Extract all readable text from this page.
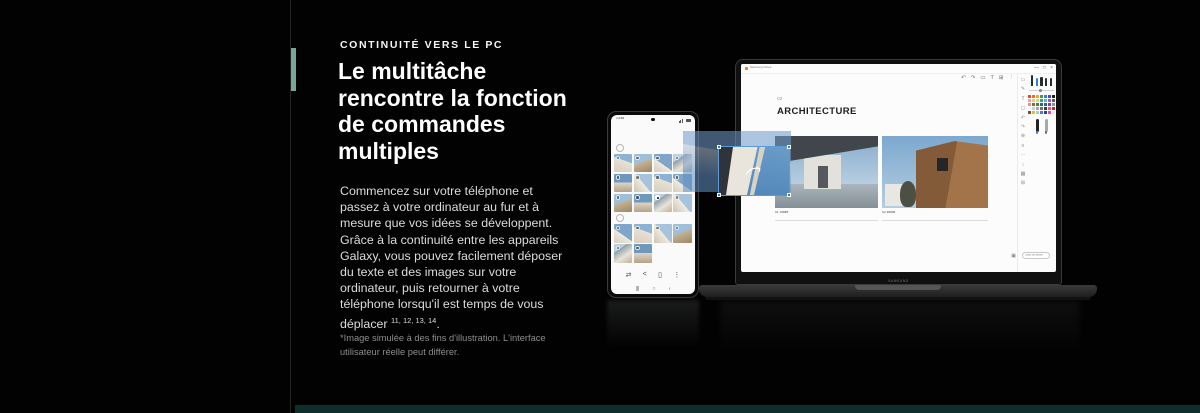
CONTINUITÉ VERS LE PC
Le multitâche
rencontre la fonction
de commandes
multiples
Commencez sur votre téléphone et passez à votre ordinateur au fur et à mesure que vos idées se développent. Grâce à la continuité entre les appareils Galaxy, vous pouvez facilement déposer du texte et des images sur votre ordinateur, puis retourner à votre téléphone lorsqu'il est temps de vous déplacer $^{11, 12, 13, 14}$.
*Image simulée à des fins d'illustration. L'interface utilisateur réelle peut différer.
Samsung Notes	— □ ×
↶ ↷ ▭ T ⊞ ⋮ ▭
✎
T
◻
↶
↷
⊕
≡
⋯
↕
▦
⊞
02
ARCHITECTURE
01 Shore	02 Wood
Outils de dessin
▣
SAMSUNG
13:46
⇄ < ▯ ⋮
||| ○ ‹
